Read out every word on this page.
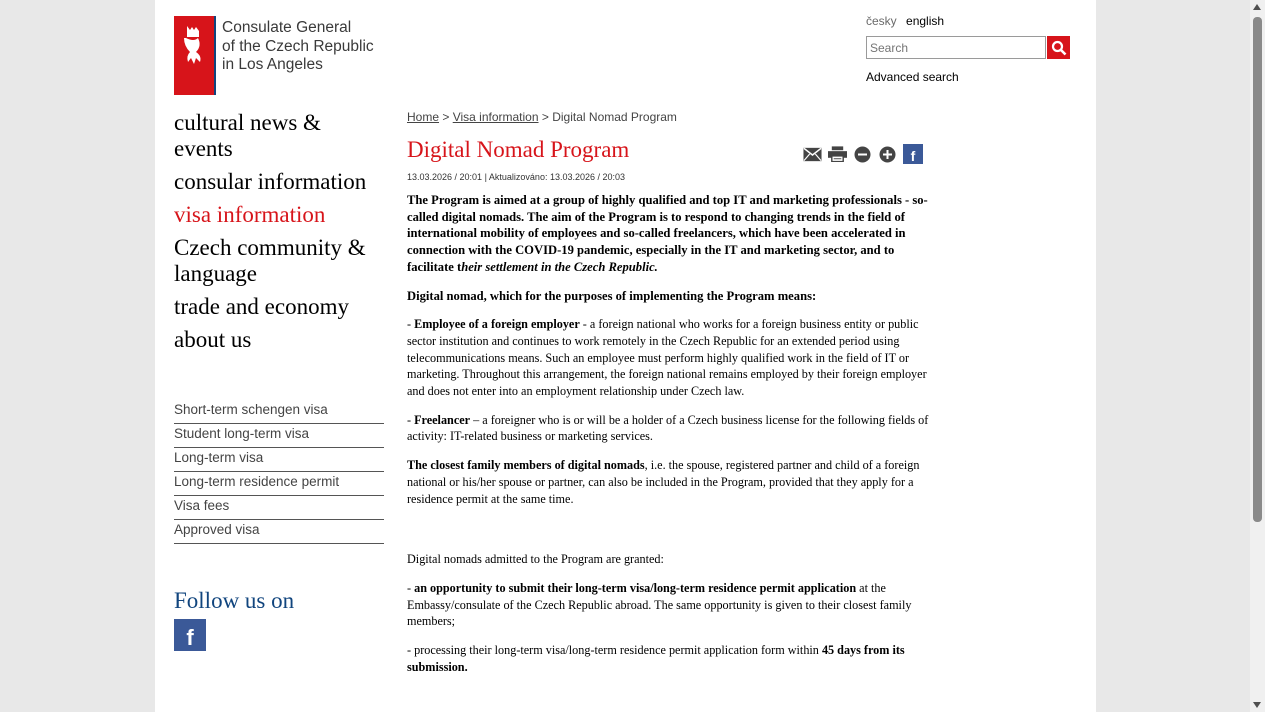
Consulate General
of the Czech Republic
in Los Angeles
česky english
Search
Advanced search
cultural news & events
consular information
visa information
Czech community & language
trade and economy
about us
Short-term schengen visa
Student long-term visa
Long-term visa
Long-term residence permit
Visa fees
Approved visa
Follow us on
f
f
Home > Visa information > Digital Nomad Program
Digital Nomad Program
13.03.2026 / 20:01 | Aktualizováno: 13.03.2026 / 20:03

The Program is aimed at a group of highly qualified and top IT and marketing professionals - so-called digital nomads. The aim of the Program is to respond to changing trends in the field of international mobility of employees and so-called freelancers, which have been accelerated in connection with the COVID-19 pandemic, especially in the IT and marketing sector, and to facilitate their settlement in the Czech Republic.

Digital nomad, which for the purposes of implementing the Program means:

- Employee of a foreign employer - a foreign national who works for a foreign business entity or public sector institution and continues to work remotely in the Czech Republic for an extended period using telecommunications means. Such an employee must perform highly qualified work in the field of IT or marketing. Throughout this arrangement, the foreign national remains employed by their foreign employer and does not enter into an employment relationship under Czech law.

- Freelancer – a foreigner who is or will be a holder of a Czech business license for the following fields of activity: IT-related business or marketing services.

The closest family members of digital nomads, i.e. the spouse, registered partner and child of a foreign national or his/her spouse or partner, can also be included in the Program, provided that they apply for a residence permit at the same time.

Digital nomads admitted to the Program are granted:

- an opportunity to submit their long-term visa/long-term residence permit application at the Embassy/consulate of the Czech Republic abroad. The same opportunity is given to their closest family members;

- processing their long-term visa/long-term residence permit application form within 45 days from its submission.
